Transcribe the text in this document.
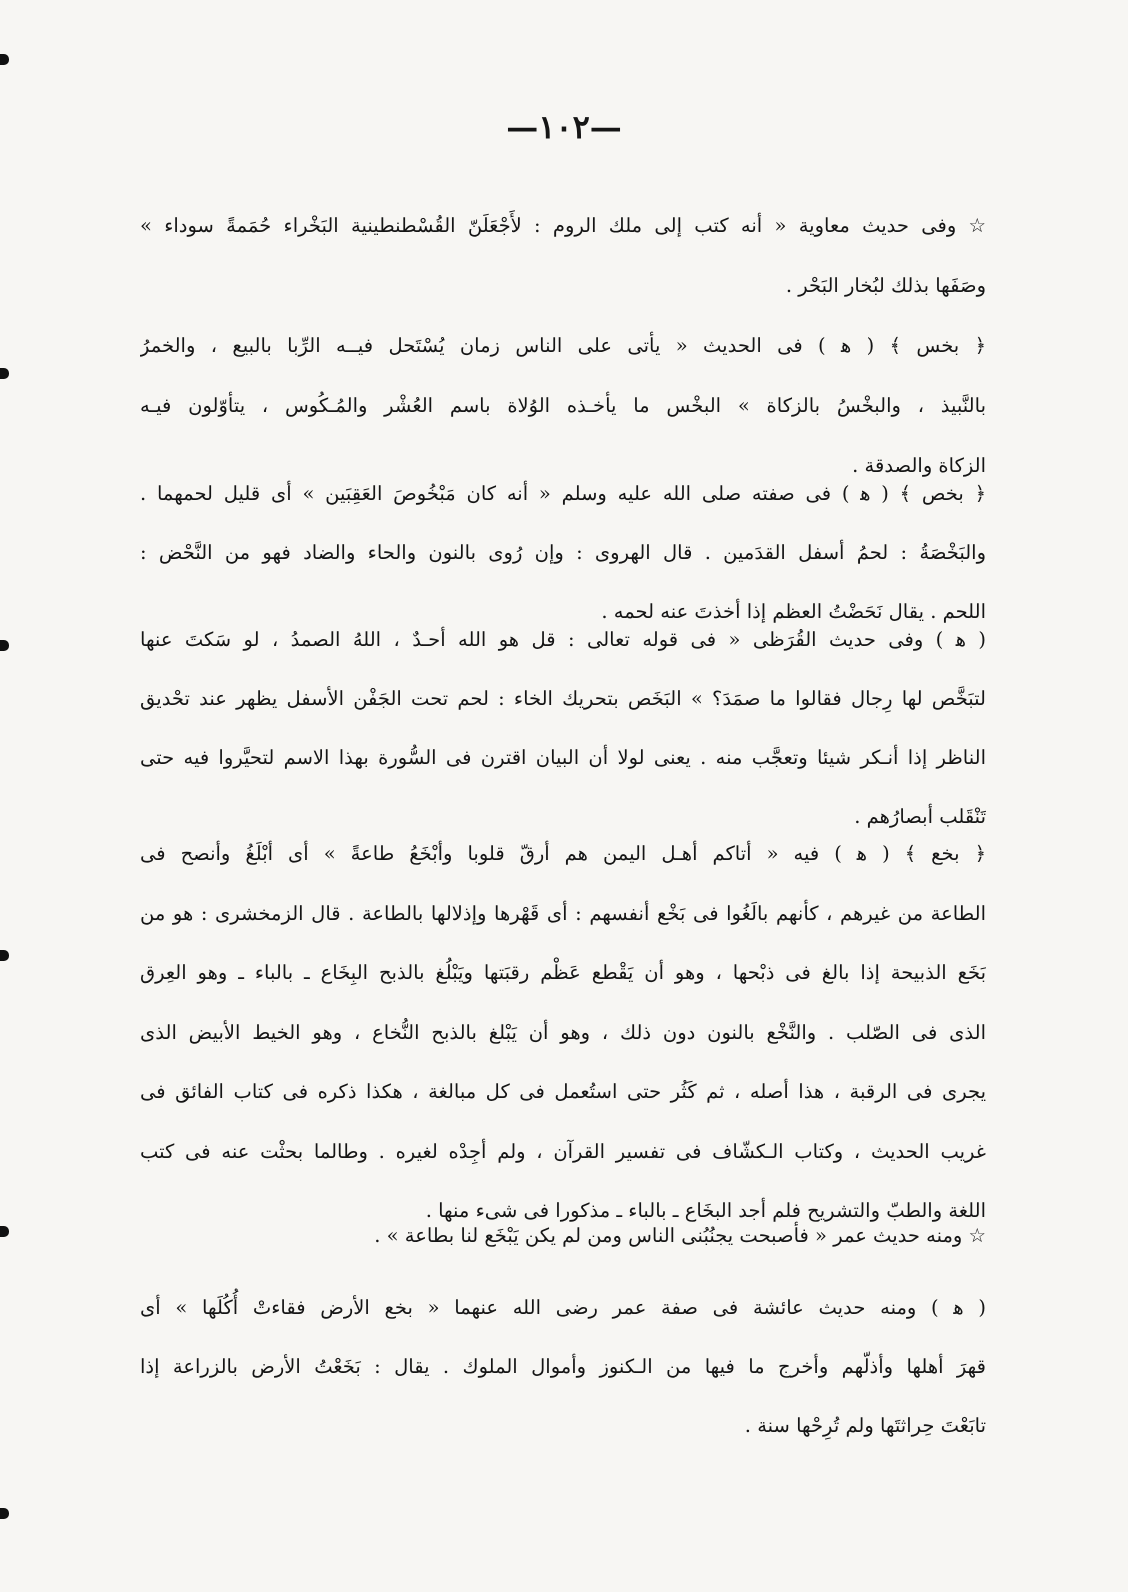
—١٠٢—
☆ وفى حديث معاوية « أنه كتب إلى ملك الروم : لأَجْعَلَنّ القُسْطنطينية البَخْراء حُمَمةً سوداء »
وصَفَها بذلك لبُخار البَحْر .
﴿ بخس ﴾ ( ﻫ ) فى الحديث « يأتى على الناس زمان يُسْتَحل فيــه الرِّبا بالبيع ، والخمرُ
بالنَّبيذ ، والبخْسُ بالزكاة » البخْس ما يأخـذه الوُلاة باسم العُشْر والمُـكُوس ، يتأوّلون فيـه
الزكاة والصدقة .
﴿ بخص ﴾ ( ﻫ ) فى صفته صلى الله عليه وسلم « أنه كان مَبْخُوصَ العَقِبَين » أى قليل لحمهما .
والبَخْصَةُ : لحمُ أسفل القدَمين . قال الهروى : وإن رُوى بالنون والحاء والضاد فهو من النَّحْض :
اللحم . يقال نَحَضْتُ العظم إذا أخذتَ عنه لحمه .
( ﻫ ) وفى حديث القُرَظى « فى قوله تعالى : قل هو الله أحـدٌ ، اللهُ الصمدُ ، لو سَكتَ عنها
لتبَخَّص لها رِجال فقالوا ما صمَدَ؟ » البَخَص بتحريك الخاء : لحم تحت الجَفْن الأسفل يظهر عند تحْديق
الناظر إذا أنـكر شيئا وتعجَّب منه . يعنى لولا أن البيان اقترن فى السُّورة بهذا الاسم لتحيَّروا فيه حتى
تَنْقَلب أبصارُهم .
﴿ بخع ﴾ ( ﻫ ) فيه « أتاكم أهـل اليمن هم أرقّ قلوبا وأبْخَعُ طاعةً » أى أبْلَغُ وأنصح فى
الطاعة من غيرهم ، كأنهم بالَغُوا فى بَخْع أنفسهم : أى قَهْرها وإذلالها بالطاعة . قال الزمخشرى : هو من
بَخَع الذبيحة إذا بالغ فى ذبْحها ، وهو أن يَقْطع عَظْم رقبَتها ويَبْلُغ بالذبح البِخَاع ـ بالباء ـ وهو العِرق
الذى فى الصّلب . والنَّخْع بالنون دون ذلك ، وهو أن يَبْلغ بالذبح النُّخاع ، وهو الخيط الأبيض الذى
يجرى فى الرقبة ، هذا أصله ، ثم كَثُر حتى استُعمل فى كل مبالغة ، هكذا ذكره فى كتاب الفائق فى
غريب الحديث ، وكتاب الـكشّاف فى تفسير القرآن ، ولم أجِدْه لغيره . وطالما بحثْت عنه فى كتب
اللغة والطبّ والتشريح فلم أجد البخَاع ـ بالباء ـ مذكورا فى شىء منها .
☆ ومنه حديث عمر « فأصبحت يجنُبُنى الناس ومن لم يكن يَبْخَع لنا بطاعة » .
( ﻫ ) ومنه حديث عائشة فى صفة عمر رضى الله عنهما « بخع الأرض فقاءتْ أُكُلَها » أى
قهرَ أهلها وأذلّهم وأخرج ما فيها من الـكنوز وأموال الملوك . يقال : بَخَعْتُ الأرض بالزراعة إذا
تابَعْتَ حِراثتَها ولم تُرِحْها سنة .
